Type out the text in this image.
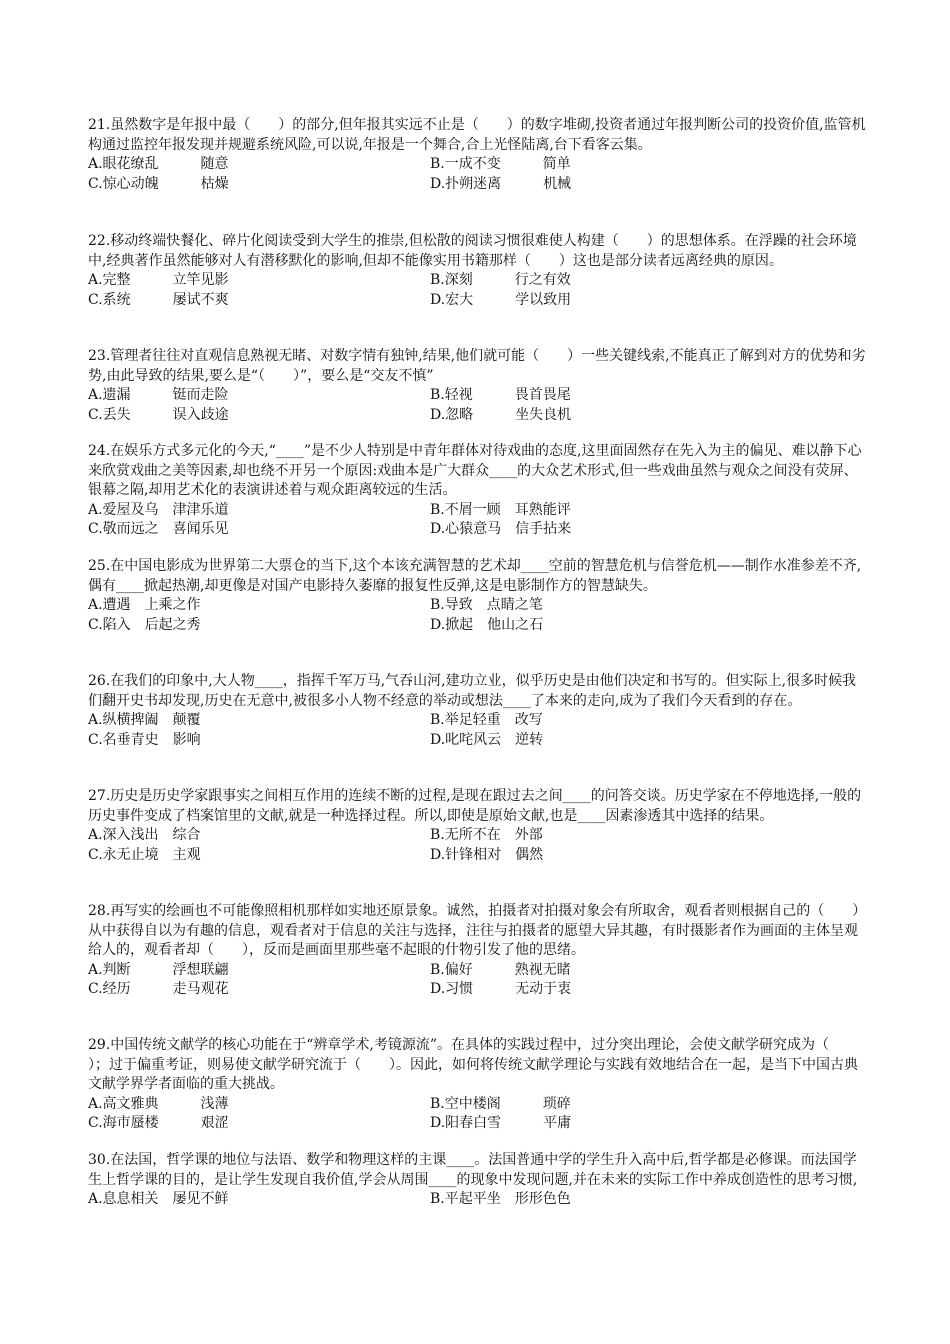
21.虽然数字是年报中最（　　）的部分,但年报其实远不止是（　　）的数字堆砌,投资者通过年报判断公司的投资价值,监管机构通过监控年报发现并规避系统风险,可以说,年报是一个舞合,合上光怪陆离,台下看客云集。

A.眼花缭乱　　　随意	B.一成不变　　　简单
C.惊心动魄　　　枯燥	D.扑朔迷离　　　机械

22.移动终端快餐化、碎片化阅读受到大学生的推崇,但松散的阅读习惯很难使人构建（　　）的思想体系。在浮躁的社会环境中,经典著作虽然能够对人有潜移默化的影响,但却不能像实用书籍那样（　　）这也是部分读者远离经典的原因。

A.完整　　　立竿见影	B.深刻　　　行之有效
C.系统　　　屡试不爽	D.宏大　　　学以致用

23.管理者往往对直观信息熟视无睹、对数字情有独钟,结果,他们就可能（　　）一些关键线索,不能真正了解到对方的优势和劣势,由此导致的结果,要么是“（　　）”，要么是“交友不慎”

A.遗漏　　　铤而走险	B.轻视　　　畏首畏尾
C.丢失　　　误入歧途	D.忽略　　　坐失良机

24.在娱乐方式多元化的今天,“____”是不少人特别是中青年群体对待戏曲的态度,这里面固然存在先入为主的偏见、难以静下心来欣赏戏曲之美等因素,却也绕不开另一个原因:戏曲本是广大群众____的大众艺术形式,但一些戏曲虽然与观众之间没有荧屏、银幕之隔,却用艺术化的表演讲述着与观众距离较远的生活。

A.爱屋及乌　津津乐道	B.不屑一顾　耳熟能评
C.敬而远之　喜闻乐见	D.心猿意马　信手拈来

25.在中国电影成为世界第二大票仓的当下,这个本该充满智慧的艺术却____空前的智慧危机与信誉危机——制作水准参差不齐,偶有____掀起热潮,却更像是对国产电影持久萎靡的报复性反弹,这是电影制作方的智慧缺失。

A.遭遇　上乘之作	B.导致　点睛之笔
C.陷入　后起之秀	D.掀起　他山之石

26.在我们的印象中,大人物____，指挥千军万马,气吞山河,建功立业，似乎历史是由他们决定和书写的。但实际上,很多时候我们翻开史书却发现,历史在无意中,被很多小人物不经意的举动或想法____了本来的走向,成为了我们今天看到的存在。

A.纵横捭阖　颠覆	B.举足轻重　改写
C.名垂青史　影响	D.叱咤风云　逆转

27.历史是历史学家跟事实之间相互作用的连续不断的过程,是现在跟过去之间____的问答交谈。历史学家在不停地选择,一般的历史事件变成了档案馆里的文献,就是一种选择过程。所以,即使是原始文献,也是____因素渗透其中选择的结果。

A.深入浅出　综合	B.无所不在　外部
C.永无止境　主观	D.针锋相对　偶然

28.再写实的绘画也不可能像照相机那样如实地还原景象。诚然，拍摄者对拍摄对象会有所取舍，观看者则根据自己的（　　）从中获得自以为有趣的信息，观看者对于信息的关注与选择，注往与拍摄者的愿望大异其趣，有时摄影者作为画面的主体呈观给人的，观看者却（　　），反而是画面里那些毫不起眼的什物引发了他的思绪。

A.判断　　　浮想联翩	B.偏好　　　熟视无睹
C.经历　　　走马观花	D.习惯　　　无动于衷

29.中国传统文献学的核心功能在于“辨章学术,考镜源流”。在具体的实践过程中，过分突出理论，会使文献学研究成为（　　）；过于偏重考证，则易使文献学研究流于（　　）。因此，如何将传统文献学理论与实践有效地结合在一起，是当下中国古典文献学界学者面临的重大挑战。

A.高文雅典　　　浅薄	B.空中楼阁　　　琐碎
C.海市蜃楼　　　艰涩	D.阳春白雪　　　平庸

30.在法国，哲学课的地位与法语、数学和物理这样的主课____。法国普通中学的学生升入高中后,哲学都是必修课。而法国学生上哲学课的目的，是让学生发现自我价值,学会从周围____的现象中发现问题,并在未来的实际工作中养成创造性的思考习惯,

A.息息相关　屡见不鲜	B.平起平坐　形形色色
